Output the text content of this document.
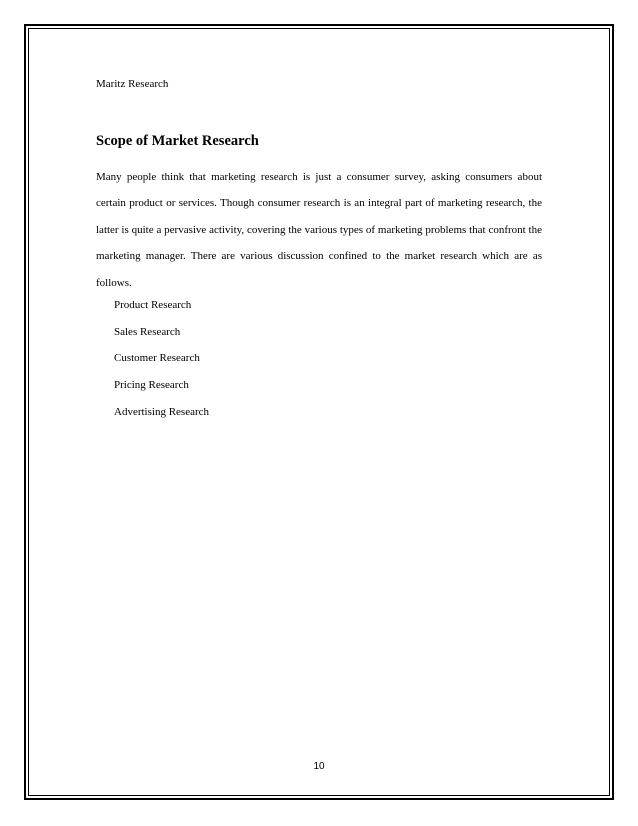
Maritz Research
Scope of Market Research

Many people think that marketing research is just a consumer survey, asking consumers about certain product or services. Though consumer research is an integral part of marketing research, the latter is quite a pervasive activity, covering the various types of marketing problems that confront the marketing manager. There are various discussion confined to the market research which are as follows.

Product Research
Sales Research
Customer Research
Pricing Research
Advertising Research
10
